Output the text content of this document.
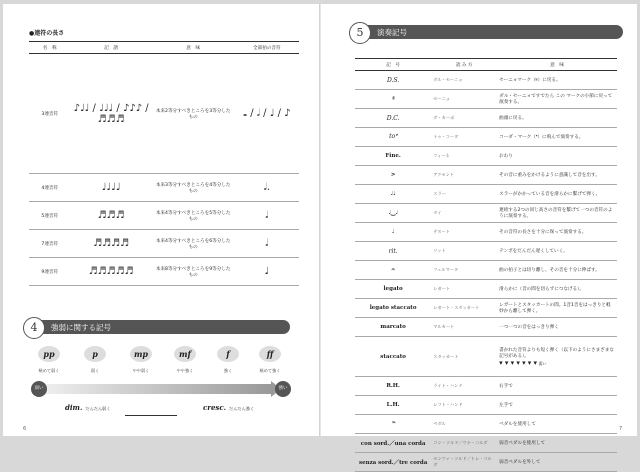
●連符の長さ
名　称	記　譜	意　味	全部拍の音符
3連音符	♪♩♩ / ♩♩♩ / ♪♪♪ / ♬♬♬	本来2等分すべきところを3等分したもの	𝅝 / 𝅗𝅥 / ♩ / ♪
4連音符	♩♩♩♩	本来3等分すべきところを4等分したもの	𝅗𝅥.
5連音符	♬♬♬	本来4等分すべきところを5等分したもの	𝅗𝅥
7連音符	♬♬♬♬	本来4等分すべきところを6等分したもの	𝅗𝅥
9連音符	♬♬♬♬♬	本来8等分すべきところを9等分したもの	♩
4	強弱に関する記号
pp	p	mp	mf	f	ff
極めて弱く	弱く	やや弱く	やや強く	強く	極めて強く
弱い	強い
dim. だんだん弱く	cresc. だんだん強く
6
5	演奏記号
記　号	読 み 方	意　味
D.S.	ダル・セーニョ	セーニョマーク（𝄋）に戻る。
𝄋	セーニョ	ダル・セーニョですでたら この マークの小節に戻って演奏する。
D.C.	ダ・カーポ	曲頭に戻る。
to𝄌	トゥ・コーダ	コーダ・マーク（𝄌）に飛んで演奏する。
Fine.	フィーネ	おわり
>	アクセント	その音に重みをかけるように意識して音を出す。
♩♩	スラー	スラーがかかっている音を滑らかに繋げて弾く。
♩‿♩	タイ	連続する2つの同じ高さの音符を繋げて一つの音符のように演奏する。
♩	テヌート	その音符の長さを十分に保って演奏する。
rit.	リット	テンポをだんだん遅くしていく。
𝄐	フェルマータ	曲の拍子とは切り離し、その音を十分に伸ばす。
legato	レガート	滑らかに（音の間を切らずにつなげる）。
legato staccato	レガート・スタッカート	レガートとスタッカートの間。1音1音をはっきりと軽妙から離して弾く。
marcato	マルカート	一つ一つの音をはっきり弾く
staccato	スタッカート	書かれた音符よりも短く弾く（以下のようにさまざまな記号がある）。
▾ ▾ ▾ ▾ ▾ ▾ ▾ 弱い
R.H.	ライト・ハンド	右手で
L.H.	レフト・ハンド	左手で
𝆮	ペダル	ペダルを使用して
con sord.／una corda	コン・ソルド／ウナ・コルダ	弱音ペダルを使用して
senza sord.／tre corda	センツァ・ソルド／トレ・コルダ	弱音ペダルを外して
7
